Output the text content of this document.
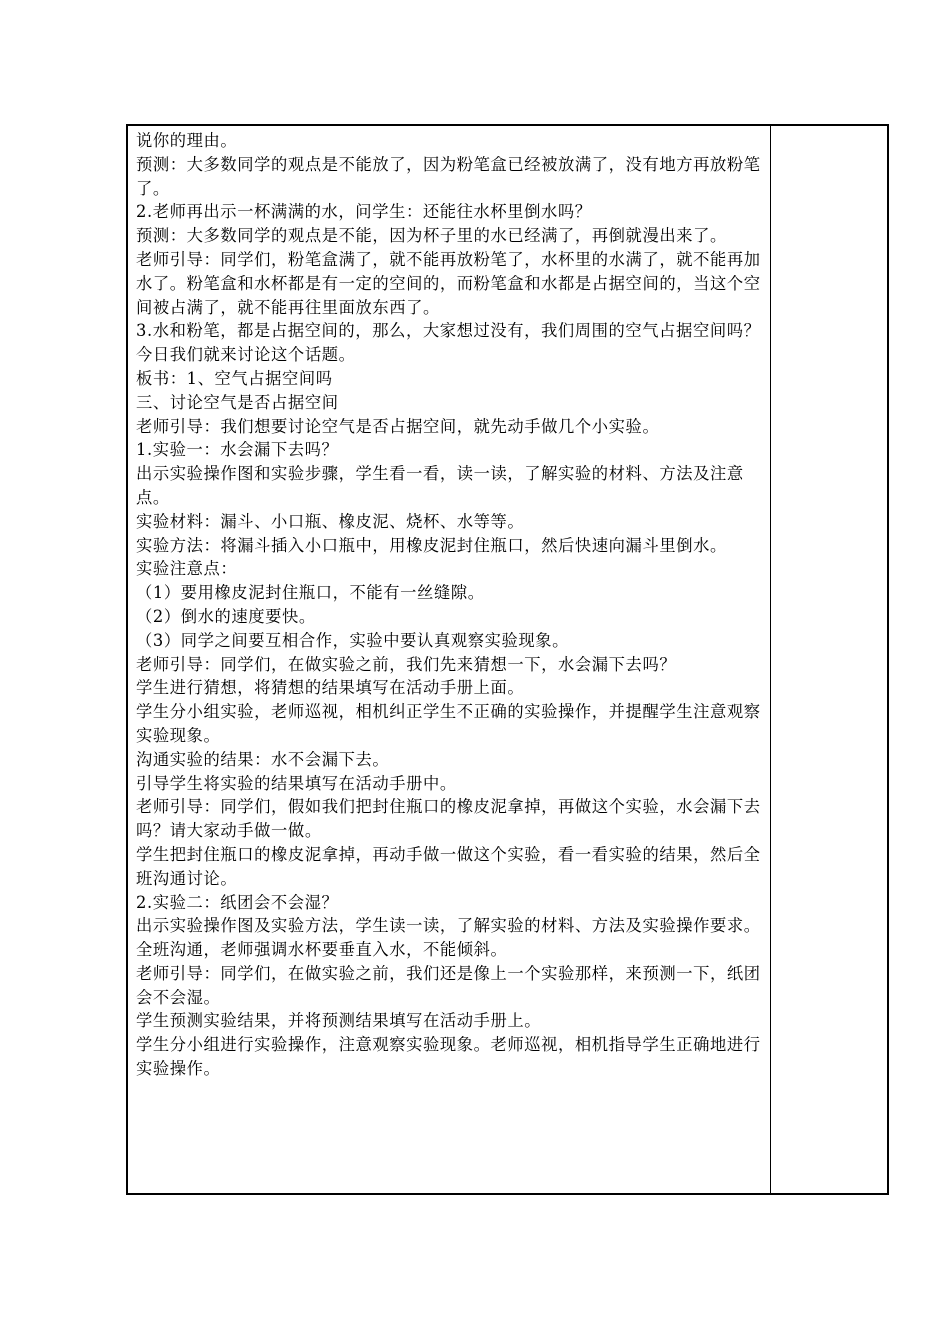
说你的理由。

预测：大多数同学的观点是不能放了，因为粉笔盒已经被放满了，没有地方再放粉笔了。

2.老师再出示一杯满满的水，问学生：还能往水杯里倒水吗？

预测：大多数同学的观点是不能，因为杯子里的水已经满了，再倒就漫出来了。

老师引导：同学们，粉笔盒满了，就不能再放粉笔了，水杯里的水满了，就不能再加水了。粉笔盒和水杯都是有一定的空间的，而粉笔盒和水都是占据空间的，当这个空间被占满了，就不能再往里面放东西了。

3.水和粉笔，都是占据空间的，那么，大家想过没有，我们周围的空气占据空间吗？今日我们就来讨论这个话题。

板书：1、空气占据空间吗

三、讨论空气是否占据空间

老师引导：我们想要讨论空气是否占据空间，就先动手做几个小实验。

1.实验一：水会漏下去吗？

出示实验操作图和实验步骤，学生看一看，读一读，了解实验的材料、方法及注意点。

实验材料：漏斗、小口瓶、橡皮泥、烧杯、水等等。

实验方法：将漏斗插入小口瓶中，用橡皮泥封住瓶口，然后快速向漏斗里倒水。

实验注意点：

（1）要用橡皮泥封住瓶口，不能有一丝缝隙。

（2）倒水的速度要快。

（3）同学之间要互相合作，实验中要认真观察实验现象。

老师引导：同学们，在做实验之前，我们先来猜想一下，水会漏下去吗？

学生进行猜想，将猜想的结果填写在活动手册上面。

学生分小组实验，老师巡视，相机纠正学生不正确的实验操作，并提醒学生注意观察实验现象。

沟通实验的结果：水不会漏下去。

引导学生将实验的结果填写在活动手册中。

老师引导：同学们，假如我们把封住瓶口的橡皮泥拿掉，再做这个实验，水会漏下去吗？请大家动手做一做。

学生把封住瓶口的橡皮泥拿掉，再动手做一做这个实验，看一看实验的结果，然后全班沟通讨论。

2.实验二：纸团会不会湿？

出示实验操作图及实验方法，学生读一读，了解实验的材料、方法及实验操作要求。

全班沟通，老师强调水杯要垂直入水，不能倾斜。

老师引导：同学们，在做实验之前，我们还是像上一个实验那样，来预测一下，纸团会不会湿。

学生预测实验结果，并将预测结果填写在活动手册上。

学生分小组进行实验操作，注意观察实验现象。老师巡视，相机指导学生正确地进行实验操作。
